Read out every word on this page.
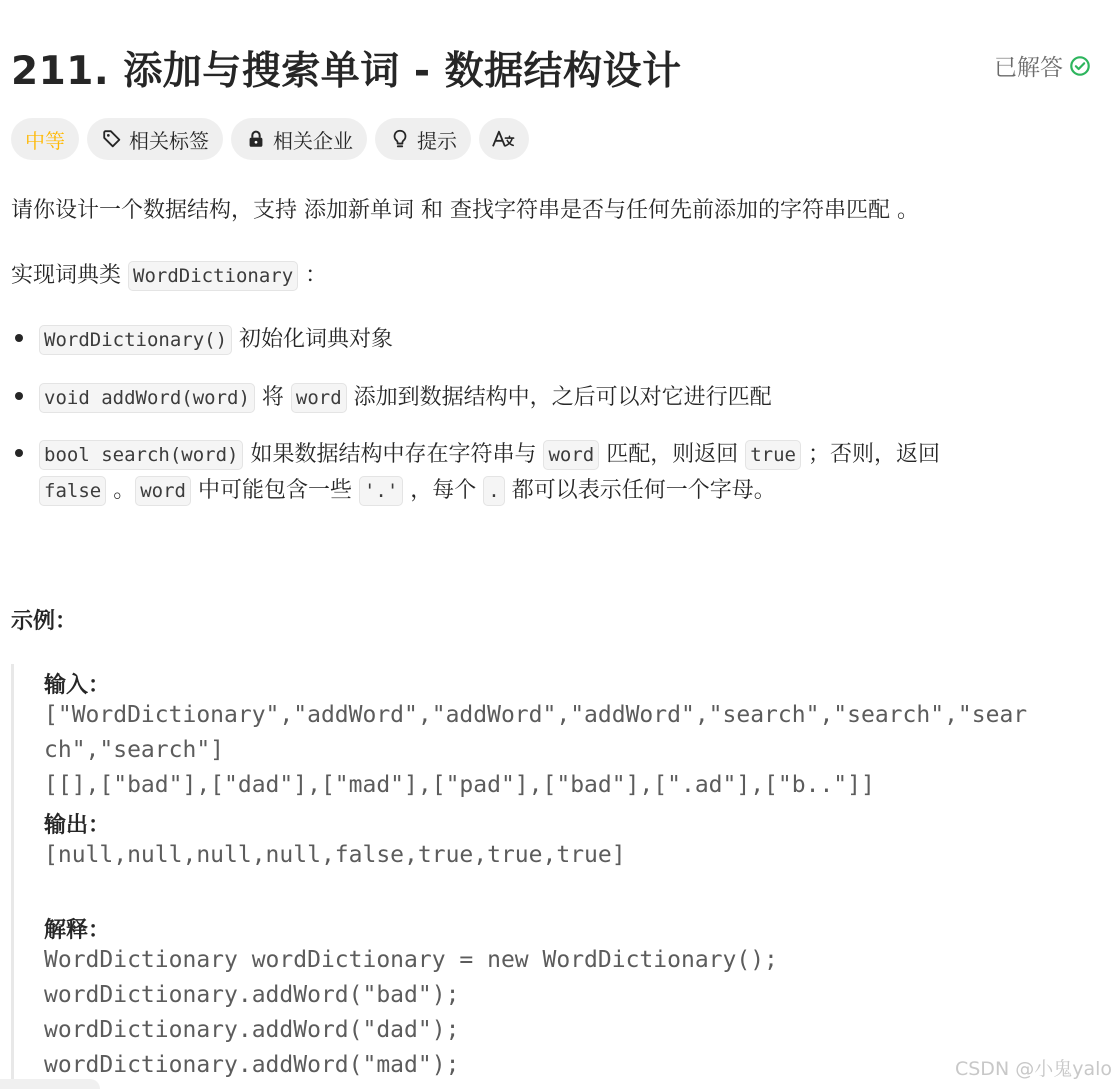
211. 添加与搜索单词 - 数据结构设计	已解答
中等	相关标签	相关企业	提示
请你设计一个数据结构，支持 添加新单词 和 查找字符串是否与任何先前添加的字符串匹配 。
实现词典类 WordDictionary ：
WordDictionary() 初始化词典对象
void addWord(word) 将 word 添加到数据结构中，之后可以对它进行匹配
bool search(word) 如果数据结构中存在字符串与 word 匹配，则返回 true ；否则，返回
false 。 word 中可能包含一些 '.' ，每个 . 都可以表示任何一个字母。
示例：
输入：
["WordDictionary","addWord","addWord","addWord","search","search","sear
ch","search"]
[[],["bad"],["dad"],["mad"],["pad"],["bad"],[".ad"],["b.."]]
输出：
[null,null,null,null,false,true,true,true]
解释：
WordDictionary wordDictionary = new WordDictionary();
wordDictionary.addWord("bad");
wordDictionary.addWord("dad");
wordDictionary.addWord("mad");	CSDN @小鬼yalo
